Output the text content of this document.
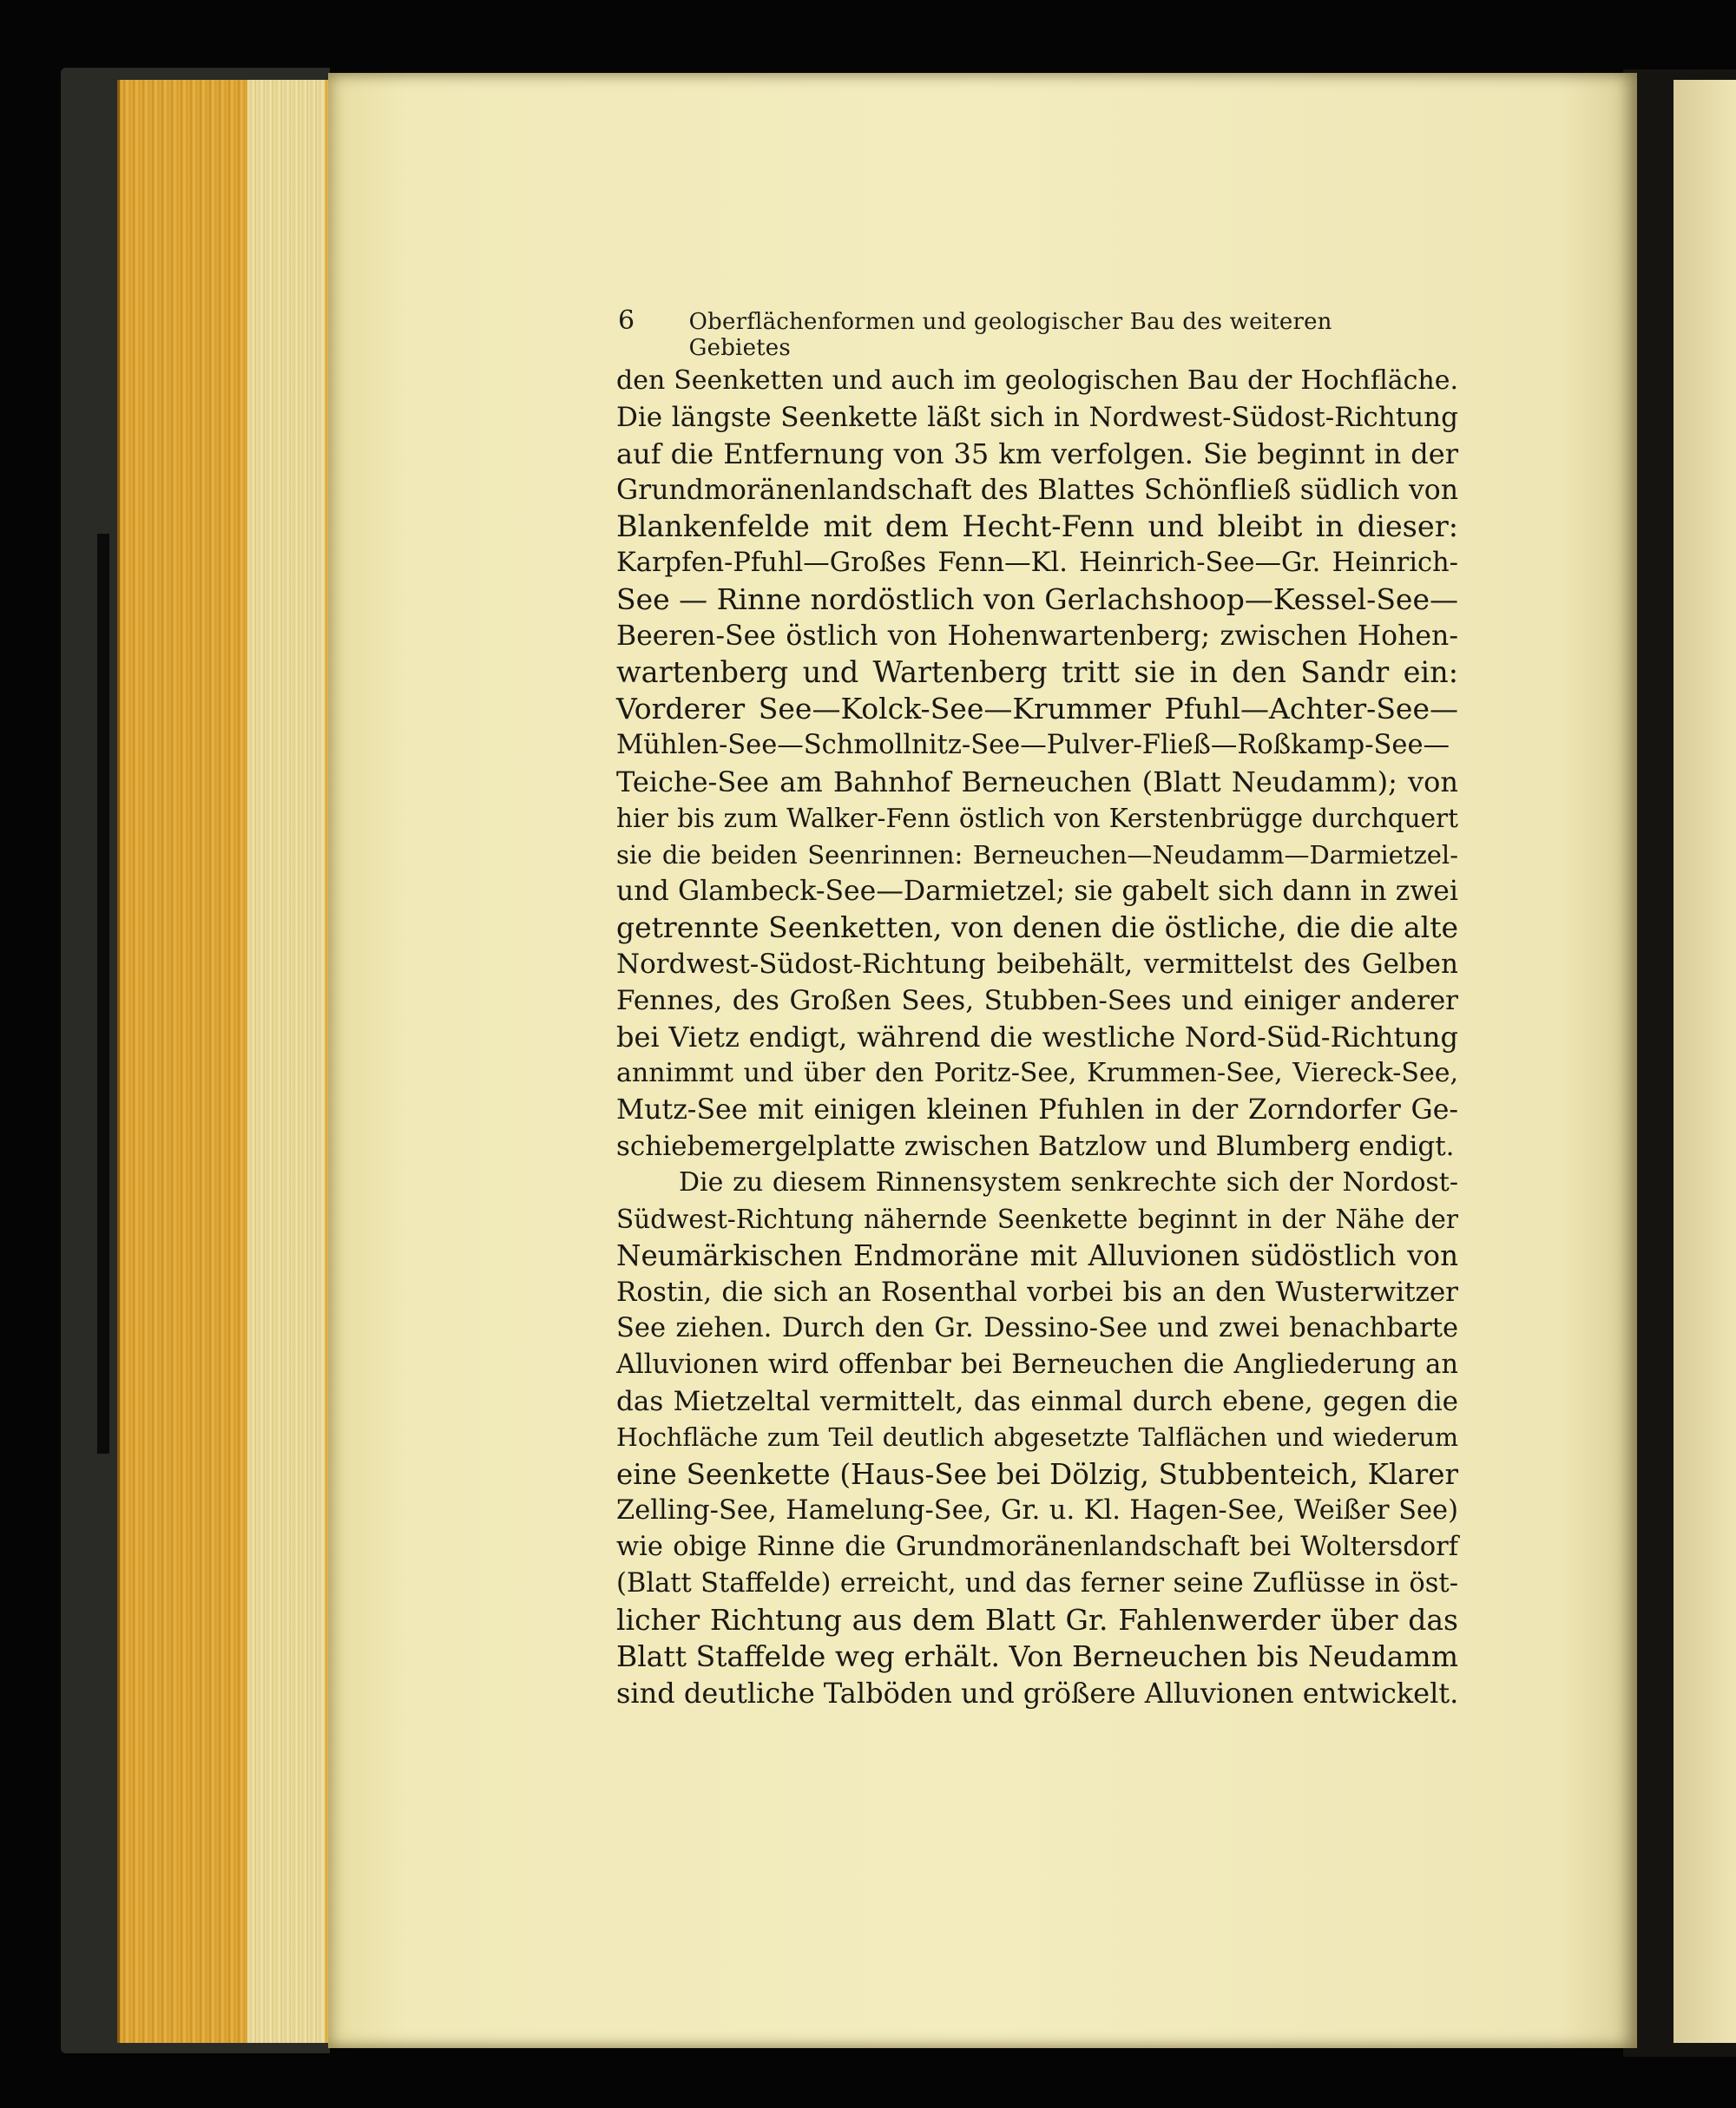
6	Oberflächenformen und geologischer Bau des weiteren Gebietes
den Seenketten und auch im geologischen Bau der Hochfläche.
Die längste Seenkette läßt sich in Nordwest-Südost-Richtung
auf die Entfernung von 35 km verfolgen. Sie beginnt in der
Grundmoränenlandschaft des Blattes Schönfließ südlich von
Blankenfelde mit dem Hecht-Fenn und bleibt in dieser:
Karpfen-Pfuhl—Großes Fenn—Kl. Heinrich-See—Gr. Heinrich-
See — Rinne nordöstlich von Gerlachshoop—Kessel-See—
Beeren-See östlich von Hohenwartenberg; zwischen Hohen-
wartenberg und Wartenberg tritt sie in den Sandr ein:
Vorderer See—Kolck-See—Krummer Pfuhl—Achter-See—
Mühlen-See—Schmollnitz-See—Pulver-Fließ—Roßkamp-See—
Teiche-See am Bahnhof Berneuchen (Blatt Neudamm); von
hier bis zum Walker-Fenn östlich von Kerstenbrügge durchquert
sie die beiden Seenrinnen: Berneuchen—Neudamm—Darmietzel-
und Glambeck-See—Darmietzel; sie gabelt sich dann in zwei
getrennte Seenketten, von denen die östliche, die die alte
Nordwest-Südost-Richtung beibehält, vermittelst des Gelben
Fennes, des Großen Sees, Stubben-Sees und einiger anderer
bei Vietz endigt, während die westliche Nord-Süd-Richtung
annimmt und über den Poritz-See, Krummen-See, Viereck-See,
Mutz-See mit einigen kleinen Pfuhlen in der Zorndorfer Ge-
schiebemergelplatte zwischen Batzlow und Blumberg endigt.
Die zu diesem Rinnensystem senkrechte sich der Nordost-
Südwest-Richtung nähernde Seenkette beginnt in der Nähe der
Neumärkischen Endmoräne mit Alluvionen südöstlich von
Rostin, die sich an Rosenthal vorbei bis an den Wusterwitzer
See ziehen. Durch den Gr. Dessino-See und zwei benachbarte
Alluvionen wird offenbar bei Berneuchen die Angliederung an
das Mietzeltal vermittelt, das einmal durch ebene, gegen die
Hochfläche zum Teil deutlich abgesetzte Talflächen und wiederum
eine Seenkette (Haus-See bei Dölzig, Stubbenteich, Klarer
Zelling-See, Hamelung-See, Gr. u. Kl. Hagen-See, Weißer See)
wie obige Rinne die Grundmoränenlandschaft bei Woltersdorf
(Blatt Staffelde) erreicht, und das ferner seine Zuflüsse in öst-
licher Richtung aus dem Blatt Gr. Fahlenwerder über das
Blatt Staffelde weg erhält. Von Berneuchen bis Neudamm
sind deutliche Talböden und größere Alluvionen entwickelt.
